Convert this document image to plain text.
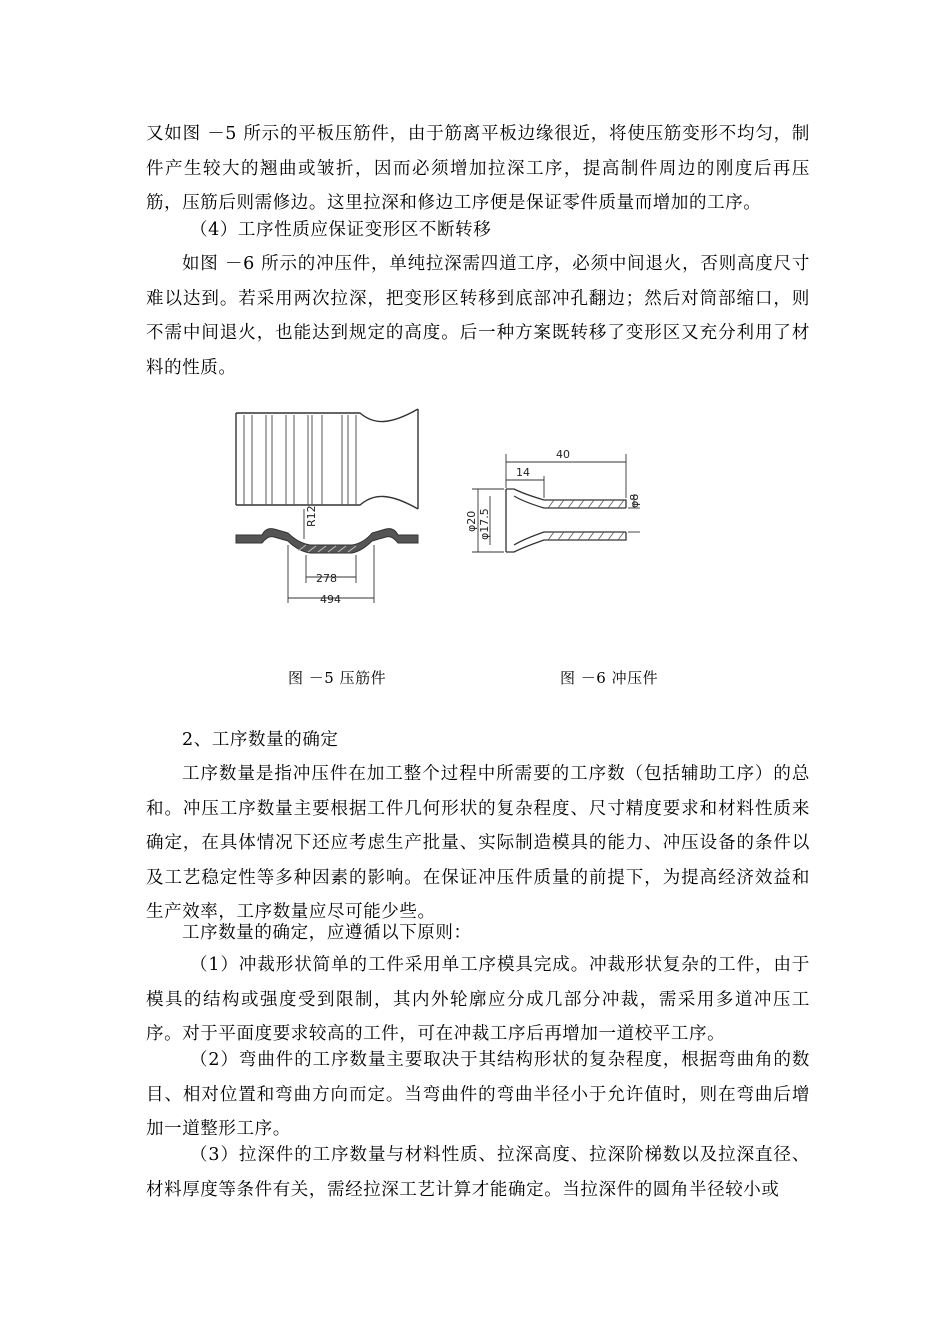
又如图 －5 所示的平板压筋件，由于筋离平板边缘很近，将使压筋变形不均匀，制件产生较大的翘曲或皱折，因而必须增加拉深工序，提高制件周边的刚度后再压筋，压筋后则需修边。这里拉深和修边工序便是保证零件质量而增加的工序。

（4）工序性质应保证变形区不断转移

如图 －6 所示的冲压件，单纯拉深需四道工序，必须中间退火，否则高度尺寸难以达到。若采用两次拉深，把变形区转移到底部冲孔翻边；然后对筒部缩口，则不需中间退火，也能达到规定的高度。后一种方案既转移了变形区又充分利用了材料的性质。

278
494
R12
40
14
φ20 φ17.5
φ8
图 －5 压筋件	图 －6 冲压件

2、工序数量的确定

工序数量是指冲压件在加工整个过程中所需要的工序数（包括辅助工序）的总和。冲压工序数量主要根据工件几何形状的复杂程度、尺寸精度要求和材料性质来确定，在具体情况下还应考虑生产批量、实际制造模具的能力、冲压设备的条件以及工艺稳定性等多种因素的影响。在保证冲压件质量的前提下，为提高经济效益和生产效率，工序数量应尽可能少些。

工序数量的确定，应遵循以下原则：

（1）冲裁形状简单的工件采用单工序模具完成。冲裁形状复杂的工件，由于模具的结构或强度受到限制，其内外轮廓应分成几部分冲裁，需采用多道冲压工序。对于平面度要求较高的工件，可在冲裁工序后再增加一道校平工序。

（2）弯曲件的工序数量主要取决于其结构形状的复杂程度，根据弯曲角的数目、相对位置和弯曲方向而定。当弯曲件的弯曲半径小于允许值时，则在弯曲后增加一道整形工序。

（3）拉深件的工序数量与材料性质、拉深高度、拉深阶梯数以及拉深直径、材料厚度等条件有关，需经拉深工艺计算才能确定。当拉深件的圆角半径较小或
